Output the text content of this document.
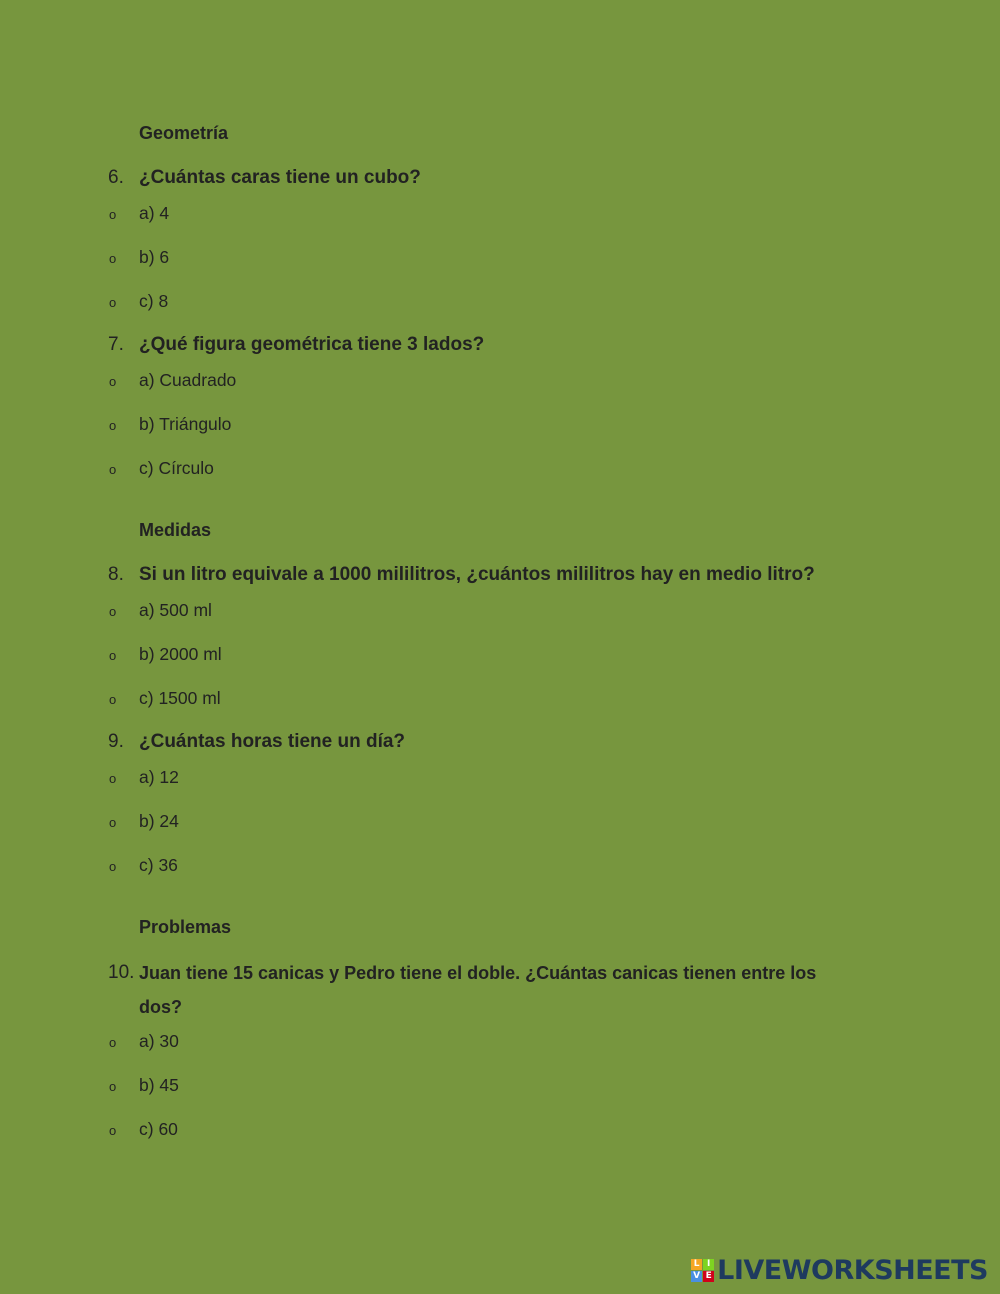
Geometría
6. ¿Cuántas caras tiene un cubo?
o a) 4
o b) 6
o c) 8
7. ¿Qué figura geométrica tiene 3 lados?
o a) Cuadrado
o b) Triángulo
o c) Círculo
Medidas
8. Si un litro equivale a 1000 mililitros, ¿cuántos mililitros hay en medio litro?
o a) 500 ml
o b) 2000 ml
o c) 1500 ml
9. ¿Cuántas horas tiene un día?
o a) 12
o b) 24
o c) 36
Problemas
10. Juan tiene 15 canicas y Pedro tiene el doble. ¿Cuántas canicas tienen entre los
dos?
o a) 30
o b) 45
o c) 60
L I
V E LIVEWORKSHEETS
